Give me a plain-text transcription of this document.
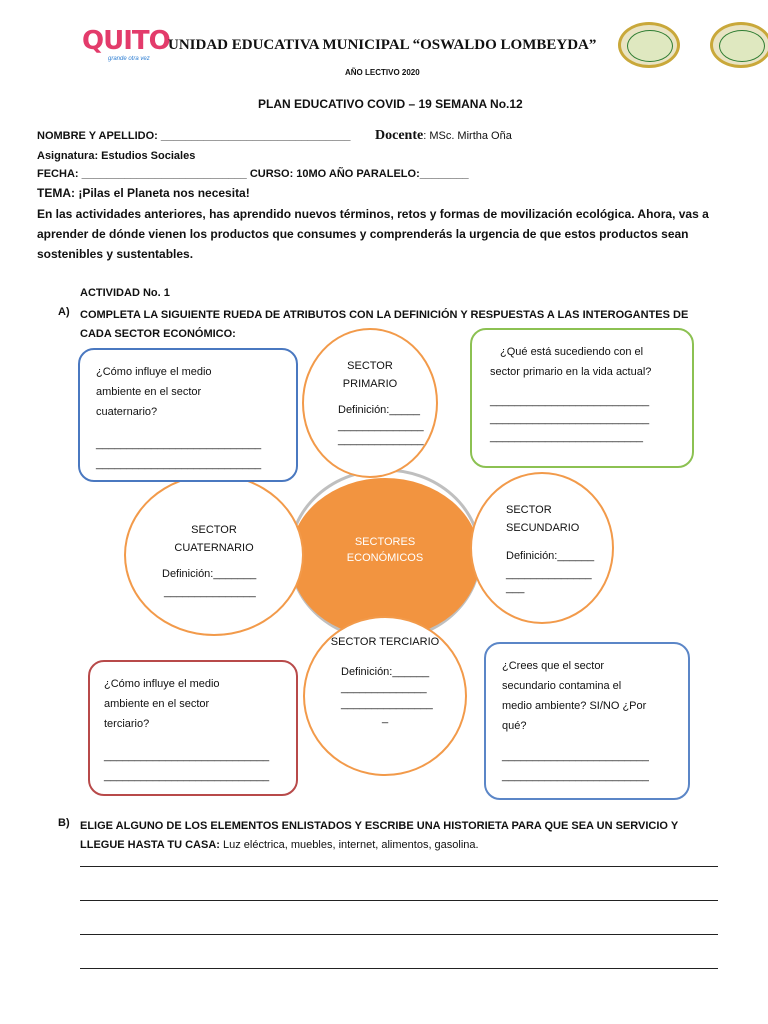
QUITO
grande otra vez
UNIDAD EDUCATIVA MUNICIPAL “OSWALDO LOMBEYDA”
AÑO LECTIVO 2020
PLAN EDUCATIVO COVID – 19 SEMANA No.12
NOMBRE Y APELLIDO: _______________________________ Docente: MSc. Mirtha Oña
Asignatura: Estudios Sociales
FECHA: ___________________________ CURSO: 10MO AÑO PARALELO:________
TEMA: ¡Pilas el Planeta nos necesita!
En las actividades anteriores, has aprendido nuevos términos, retos y formas de movilización ecológica. Ahora, vas a aprender de dónde vienen los productos que consumes y comprenderás la urgencia de que estos productos sean sostenibles y sustentables.
ACTIVIDAD No. 1
A) COMPLETA LA SIGUIENTE RUEDA DE ATRIBUTOS CON LA DEFINICIÓN Y RESPUESTAS A LAS INTEROGANTES DE CADA SECTOR ECONÓMICO:
SECTORES
ECONÓMICOS
SECTOR
PRIMARIO
Definición:_____
______________
______________
SECTOR
SECUNDARIO
Definición:______
______________
___
SECTOR
CUATERNARIO
Definición:_______
_______________
SECTOR TERCIARIO
Definición:______
______________
_______________
_
¿Cómo influye el medio
ambiente en el sector
cuaternario?
___________________________
___________________________
¿Qué está sucediendo con el
sector primario en la vida actual?
__________________________
__________________________
_________________________
¿Cómo influye el medio
ambiente en el sector
terciario?
___________________________
___________________________
¿Crees que el sector
secundario contamina el
medio ambiente? SI/NO ¿Por
qué?
________________________
________________________
B) ELIGE ALGUNO DE LOS ELEMENTOS ENLISTADOS Y ESCRIBE UNA HISTORIETA PARA QUE SEA UN SERVICIO Y LLEGUE HASTA TU CASA: Luz eléctrica, muebles, internet, alimentos, gasolina.
